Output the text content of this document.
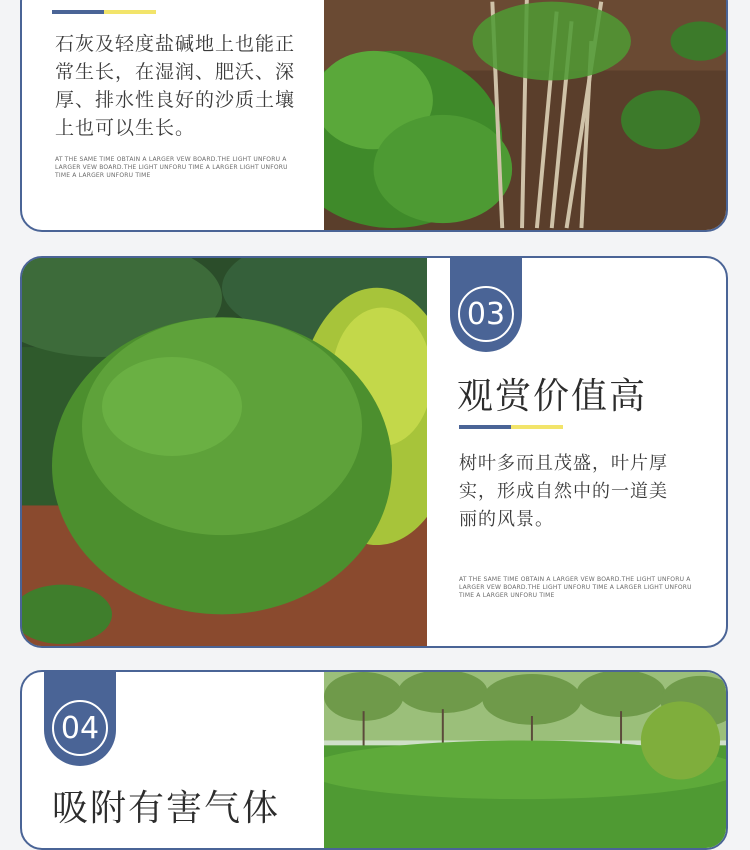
石灰及轻度盐碱地上也能正常生长，在湿润、肥沃、深厚、排水性良好的沙质土壤上也可以生长。
AT THE SAME TIME OBTAIN A LARGER VEW BOARD.THE LIGHT UNFORU A LARGER VEW BOARD.THE LIGHT UNFORU TIME A LARGER LIGHT UNFORU TIME A LARGER UNFORU TIME
03
观赏价值高
树叶多而且茂盛，叶片厚实，形成自然中的一道美丽的风景。
AT THE SAME TIME OBTAIN A LARGER VEW BOARD.THE LIGHT UNFORU A LARGER VEW BOARD.THE LIGHT UNFORU TIME A LARGER LIGHT UNFORU TIME A LARGER UNFORU TIME
04
吸附有害气体
